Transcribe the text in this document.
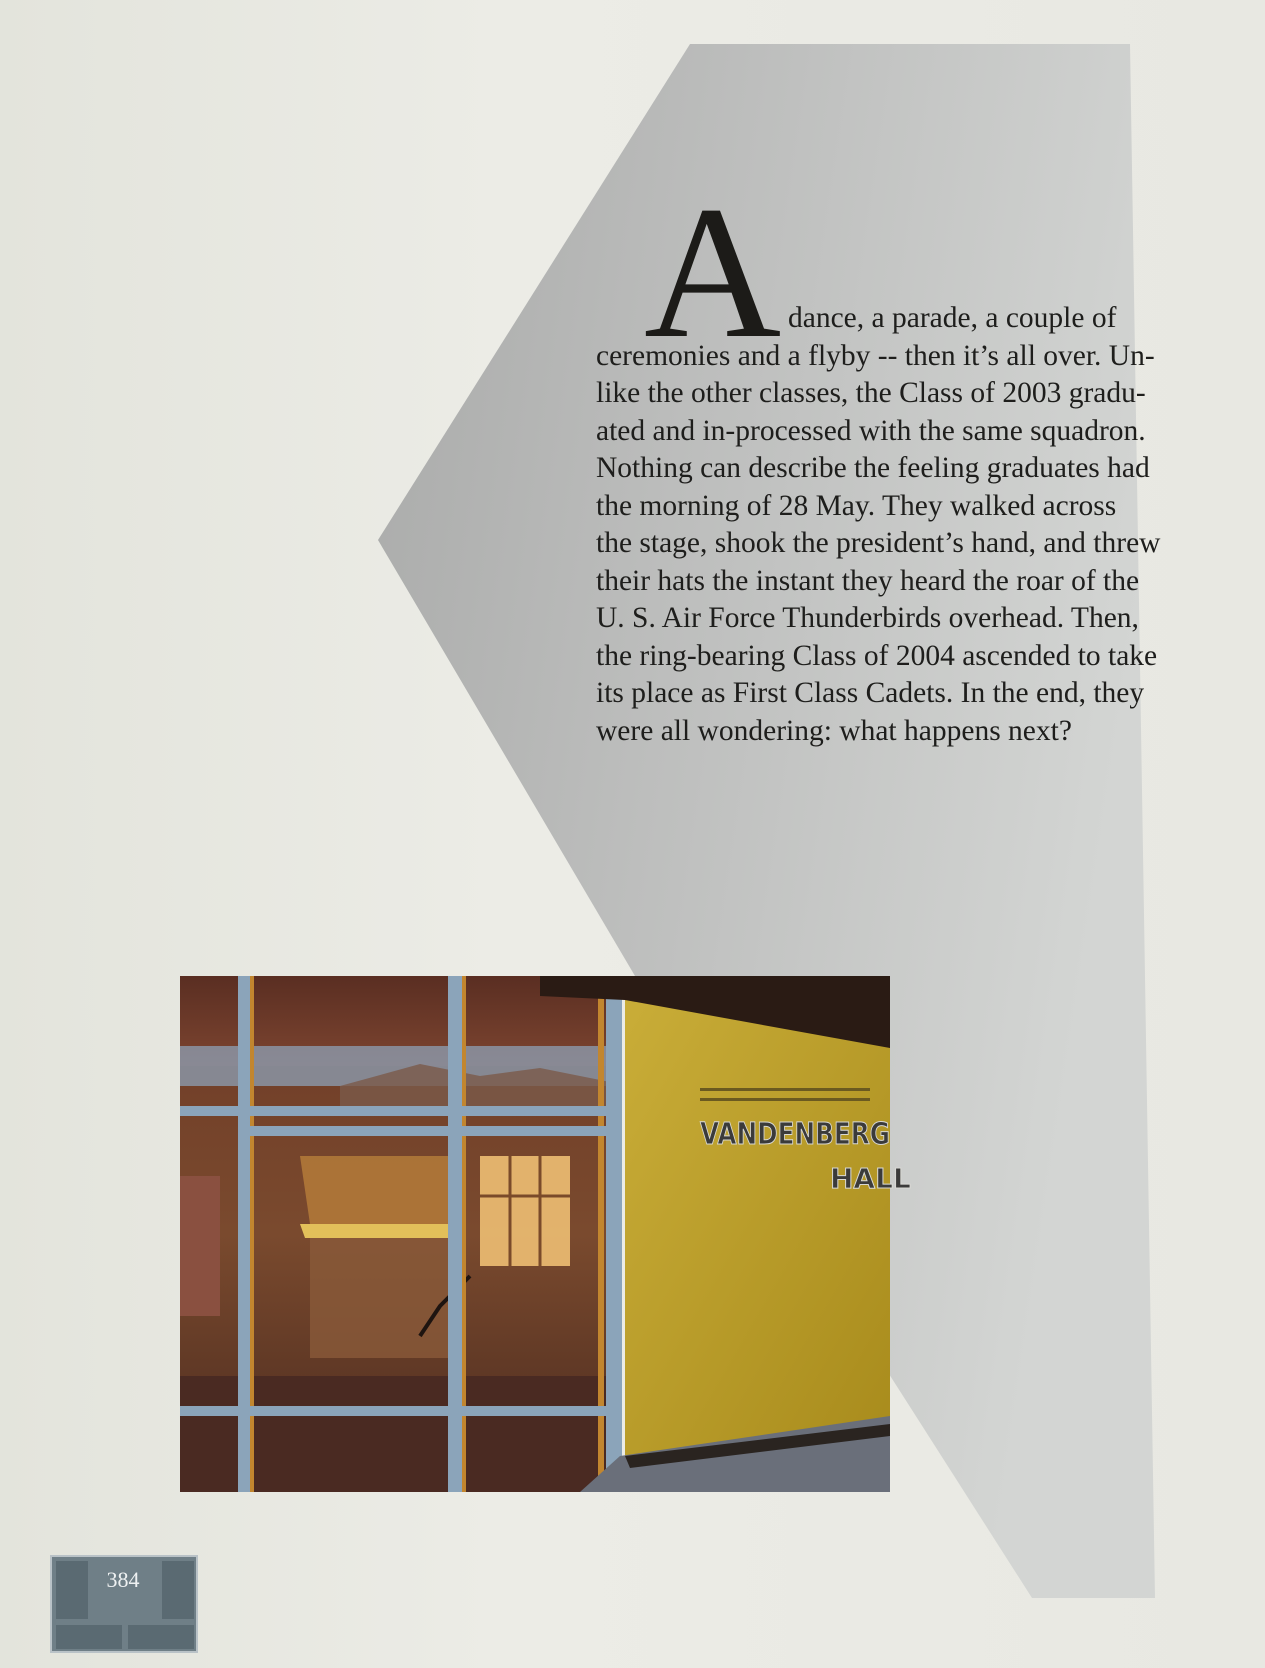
A dance, a parade, a couple of
ceremonies and a flyby -- then it’s all over. Un-
like the other classes, the Class of 2003 gradu-
ated and in-processed with the same squadron.
Nothing can describe the feeling graduates had
the morning of 28 May. They walked across
the stage, shook the president’s hand, and threw
their hats the instant they heard the roar of the
U. S. Air Force Thunderbirds overhead. Then,
the ring-bearing Class of 2004 ascended to take
its place as First Class Cadets. In the end, they
were all wondering: what happens next?

VANDENBERG
HALL
384
